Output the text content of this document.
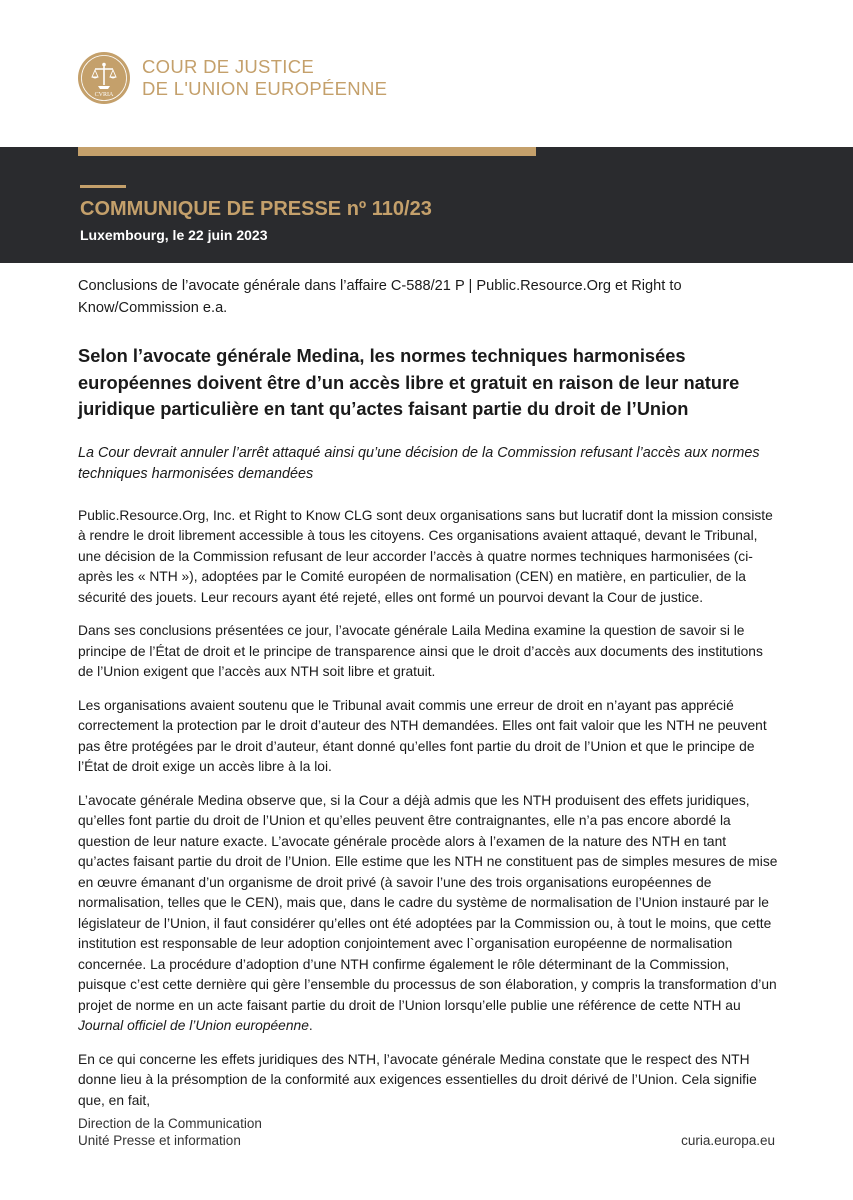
CVRIA
COUR DE JUSTICE
DE L'UNION EUROPÉENNE
COMMUNIQUE DE PRESSE nº 110/23
Luxembourg, le 22 juin 2023

Conclusions de l’avocate générale dans l’affaire C-588/21 P | Public.Resource.Org et Right to Know/Commission e.a.

Selon l’avocate générale Medina, les normes techniques harmonisées européennes doivent être d’un accès libre et gratuit en raison de leur nature juridique particulière en tant qu’actes faisant partie du droit de l’Union

La Cour devrait annuler l’arrêt attaqué ainsi qu’une décision de la Commission refusant l’accès aux normes techniques harmonisées demandées

Public.Resource.Org, Inc. et Right to Know CLG sont deux organisations sans but lucratif dont la mission consiste à rendre le droit librement accessible à tous les citoyens. Ces organisations avaient attaqué, devant le Tribunal, une décision de la Commission refusant de leur accorder l’accès à quatre normes techniques harmonisées (ci-après les « NTH »), adoptées par le Comité européen de normalisation (CEN) en matière, en particulier, de la sécurité des jouets. Leur recours ayant été rejeté, elles ont formé un pourvoi devant la Cour de justice.

Dans ses conclusions présentées ce jour, l’avocate générale Laila Medina examine la question de savoir si le principe de l’État de droit et le principe de transparence ainsi que le droit d’accès aux documents des institutions de l’Union exigent que l’accès aux NTH soit libre et gratuit.

Les organisations avaient soutenu que le Tribunal avait commis une erreur de droit en n’ayant pas apprécié correctement la protection par le droit d’auteur des NTH demandées. Elles ont fait valoir que les NTH ne peuvent pas être protégées par le droit d’auteur, étant donné qu’elles font partie du droit de l’Union et que le principe de l’État de droit exige un accès libre à la loi.

L’avocate générale Medina observe que, si la Cour a déjà admis que les NTH produisent des effets juridiques, qu’elles font partie du droit de l’Union et qu’elles peuvent être contraignantes, elle n’a pas encore abordé la question de leur nature exacte. L’avocate générale procède alors à l’examen de la nature des NTH en tant qu’actes faisant partie du droit de l’Union. Elle estime que les NTH ne constituent pas de simples mesures de mise en œuvre émanant d’un organisme de droit privé (à savoir l’une des trois organisations européennes de normalisation, telles que le CEN), mais que, dans le cadre du système de normalisation de l’Union instauré par le législateur de l’Union, il faut considérer qu’elles ont été adoptées par la Commission ou, à tout le moins, que cette institution est responsable de leur adoption conjointement avec l`organisation européenne de normalisation concernée. La procédure d’adoption d’une NTH confirme également le rôle déterminant de la Commission, puisque c’est cette dernière qui gère l’ensemble du processus de son élaboration, y compris la transformation d’un projet de norme en un acte faisant partie du droit de l’Union lorsqu’elle publie une référence de cette NTH au Journal officiel de l’Union européenne.

En ce qui concerne les effets juridiques des NTH, l’avocate générale Medina constate que le respect des NTH donne lieu à la présomption de la conformité aux exigences essentielles du droit dérivé de l’Union. Cela signifie que, en fait,

Direction de la Communication
Unité Presse et information	curia.europa.eu
